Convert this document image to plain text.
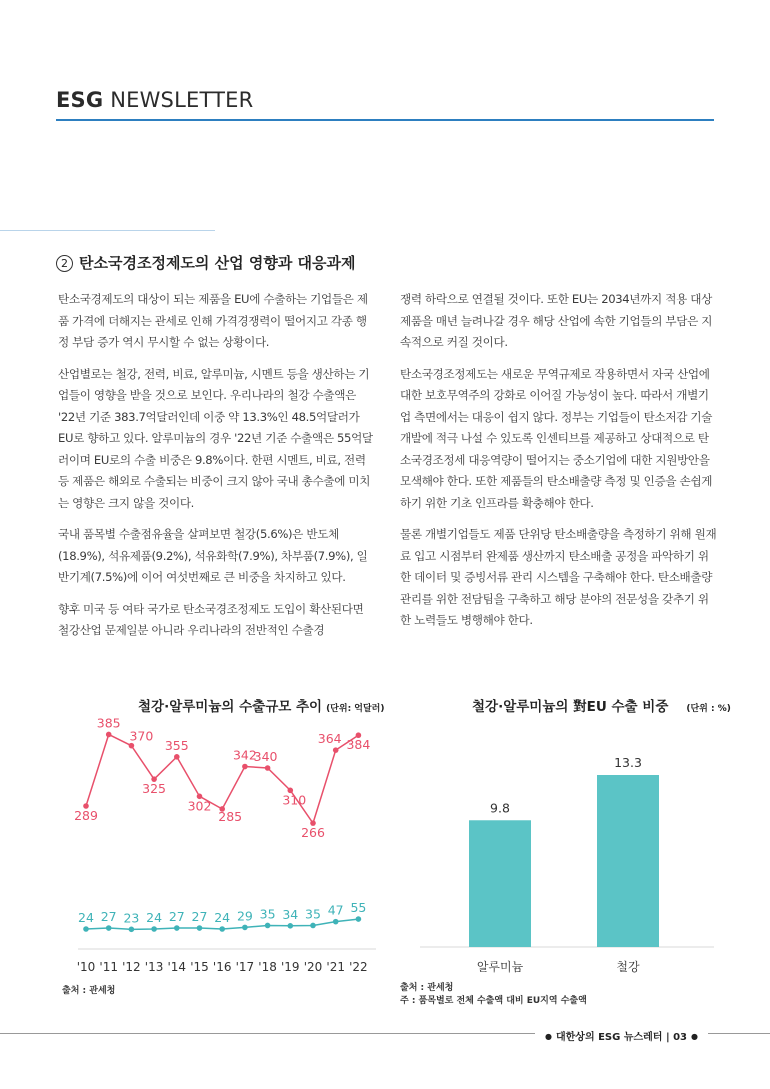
ESG NEWSLETTER
2 탄소국경조정제도의 산업 영향과 대응과제

탄소국경제도의 대상이 되는 제품을 EU에 수출하는 기업들은 제품 가격에 더해지는 관세로 인해 가격경쟁력이 떨어지고 각종 행정 부담 증가 역시 무시할 수 없는 상황이다.

산업별로는 철강, 전력, 비료, 알루미늄, 시멘트 등을 생산하는 기업들이 영향을 받을 것으로 보인다. 우리나라의 철강 수출액은 '22년 기준 383.7억달러인데 이중 약 13.3%인 48.5억달러가 EU로 향하고 있다. 알루미늄의 경우 '22년 기준 수출액은 55억달러이며 EU로의 수출 비중은 9.8%이다. 한편 시멘트, 비료, 전력 등 제품은 해외로 수출되는 비중이 크지 않아 국내 총수출에 미치는 영향은 크지 않을 것이다.

국내 품목별 수출점유율을 살펴보면 철강(5.6%)은 반도체(18.9%), 석유제품(9.2%), 석유화학(7.9%), 차부품(7.9%), 일반기계(7.5%)에 이어 여섯번째로 큰 비중을 차지하고 있다.

향후 미국 등 여타 국가로 탄소국경조정제도 도입이 확산된다면 철강산업 문제일분 아니라 우리나라의 전반적인 수출경

쟁력 하락으로 연결될 것이다. 또한 EU는 2034년까지 적용 대상 제품을 매년 늘려나갈 경우 해당 산업에 속한 기업들의 부담은 지속적으로 커질 것이다.

탄소국경조정제도는 새로운 무역규제로 작용하면서 자국 산업에 대한 보호무역주의 강화로 이어질 가능성이 높다. 따라서 개별기업 측면에서는 대응이 쉽지 않다. 정부는 기업들이 탄소저감 기술개발에 적극 나설 수 있도록 인센티브를 제공하고 상대적으로 탄소국경조정세 대응역량이 떨어지는 중소기업에 대한 지원방안을 모색해야 한다. 또한 제품들의 탄소배출량 측정 및 인증을 손쉽게 하기 위한 기초 인프라를 확충해야 한다.

물론 개별기업들도 제품 단위당 탄소배출량을 측정하기 위해 원재료 입고 시점부터 완제품 생산까지 탄소배출 공정을 파악하기 위한 데이터 및 증빙서류 관리 시스템을 구축해야 한다. 탄소배출량 관리를 위한 전담팀을 구축하고 해당 분야의 전문성을 갖추기 위한 노력들도 병행해야 한다.

철강·알루미늄의 수출규모 추이 (단위: 억달러)
289
385
370
325
355
302
285
342
340
310
266
364 384
24 27 23 24 27 27 24 29 35 34 35 47 55
'10 '11 '12 '13 '14 '15 '16 '17 '18 '19 '20 '21 '22
출처 : 관세청
철강·알루미늄의 對EU 수출 비중 (단위 : %)
9.8
알루미늄
13.3
철강
출처 : 관세청
주 : 품목별로 전체 수출액 대비 EU지역 수출액
● 대한상의 ESG 뉴스레터 | 03 ●
